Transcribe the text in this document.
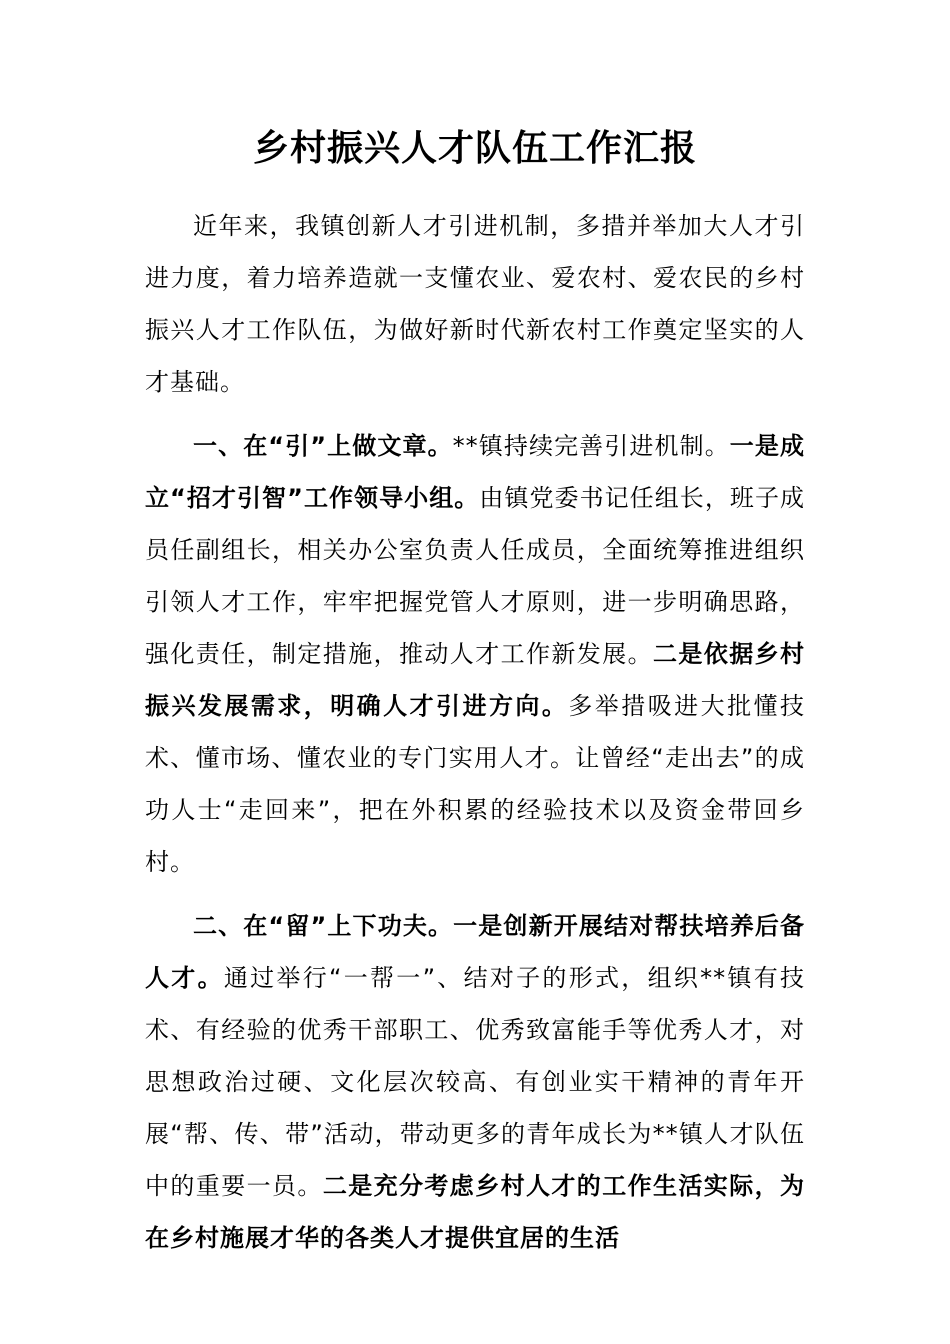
乡村振兴人才队伍工作汇报

近年来，我镇创新人才引进机制，多措并举加大人才引进力度，着力培养造就一支懂农业、爱农村、爱农民的乡村振兴人才工作队伍，为做好新时代新农村工作奠定坚实的人才基础。

一、在“引”上做文章。**镇持续完善引进机制。一是成立“招才引智”工作领导小组。由镇党委书记任组长，班子成员任副组长，相关办公室负责人任成员，全面统筹推进组织引领人才工作，牢牢把握党管人才原则，进一步明确思路，强化责任，制定措施，推动人才工作新发展。二是依据乡村振兴发展需求，明确人才引进方向。多举措吸进大批懂技术、懂市场、懂农业的专门实用人才。让曾经“走出去”的成功人士“走回来”，把在外积累的经验技术以及资金带回乡村。

二、在“留”上下功夫。一是创新开展结对帮扶培养后备人才。通过举行“一帮一”、结对子的形式，组织**镇有技术、有经验的优秀干部职工、优秀致富能手等优秀人才，对思想政治过硬、文化层次较高、有创业实干精神的青年开展“帮、传、带”活动，带动更多的青年成长为**镇人才队伍中的重要一员。二是充分考虑乡村人才的工作生活实际，为在乡村施展才华的各类人才提供宜居的生活
